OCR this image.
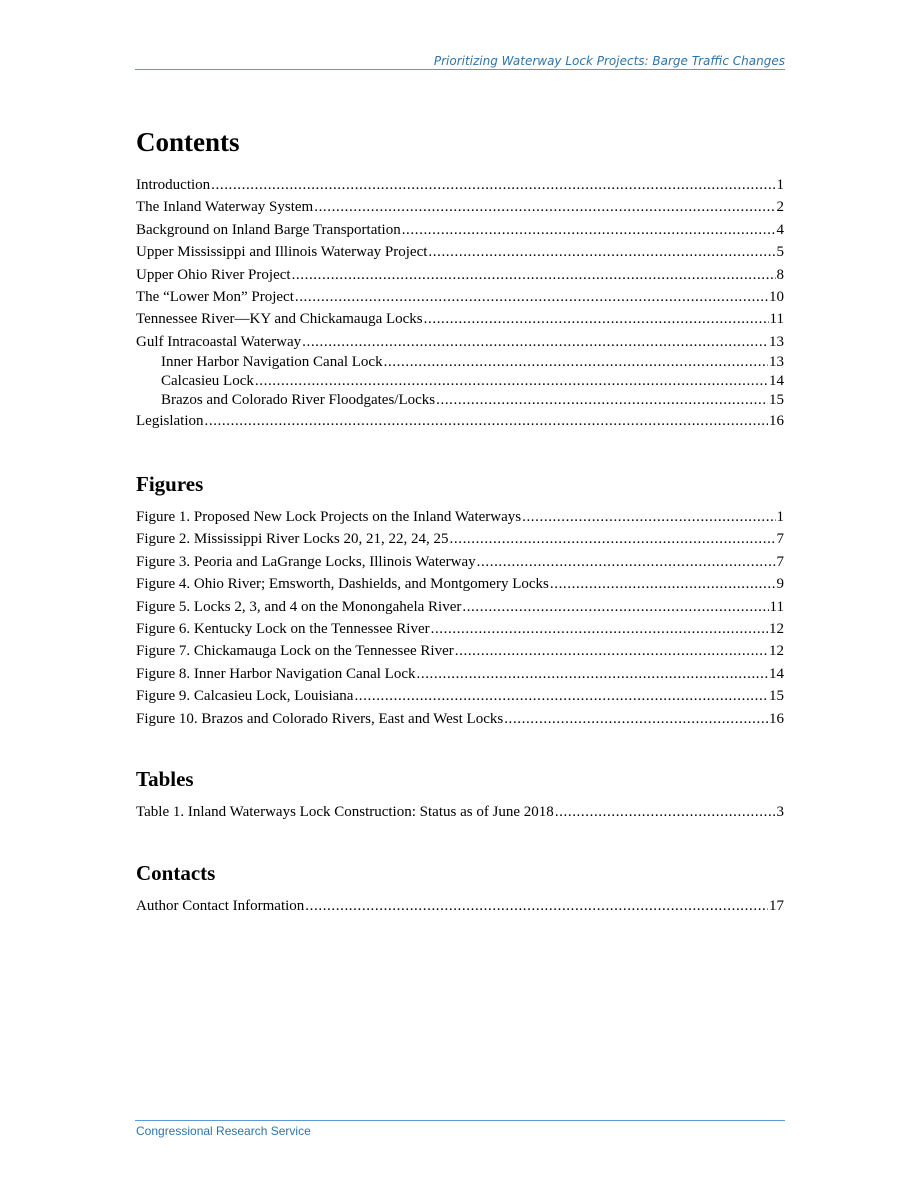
Prioritizing Waterway Lock Projects: Barge Traffic Changes
Contents
Introduction .....	1
The Inland Waterway System .....	2
Background on Inland Barge Transportation .....	4
Upper Mississippi and Illinois Waterway Project .....	5
Upper Ohio River Project .....	8
The “Lower Mon” Project .....	10
Tennessee River—KY and Chickamauga Locks .....	11
Gulf Intracoastal Waterway .....	13
Inner Harbor Navigation Canal Lock .....	13
Calcasieu Lock .....	14
Brazos and Colorado River Floodgates/Locks .....	15
Legislation .....	16
Figures
Figure 1. Proposed New Lock Projects on the Inland Waterways .....	1
Figure 2. Mississippi River Locks 20, 21, 22, 24, 25 .....	7
Figure 3. Peoria and LaGrange Locks, Illinois Waterway .....	7
Figure 4. Ohio River; Emsworth, Dashields, and Montgomery Locks .....	9
Figure 5. Locks 2, 3, and 4 on the Monongahela River .....	11
Figure 6. Kentucky Lock on the Tennessee River .....	12
Figure 7. Chickamauga Lock on the Tennessee River .....	12
Figure 8. Inner Harbor Navigation Canal Lock .....	14
Figure 9. Calcasieu Lock, Louisiana .....	15
Figure 10. Brazos and Colorado Rivers, East and West Locks .....	16
Tables
Table 1. Inland Waterways Lock Construction: Status as of June 2018 .....	3
Contacts
Author Contact Information .....	17
Congressional Research Service
